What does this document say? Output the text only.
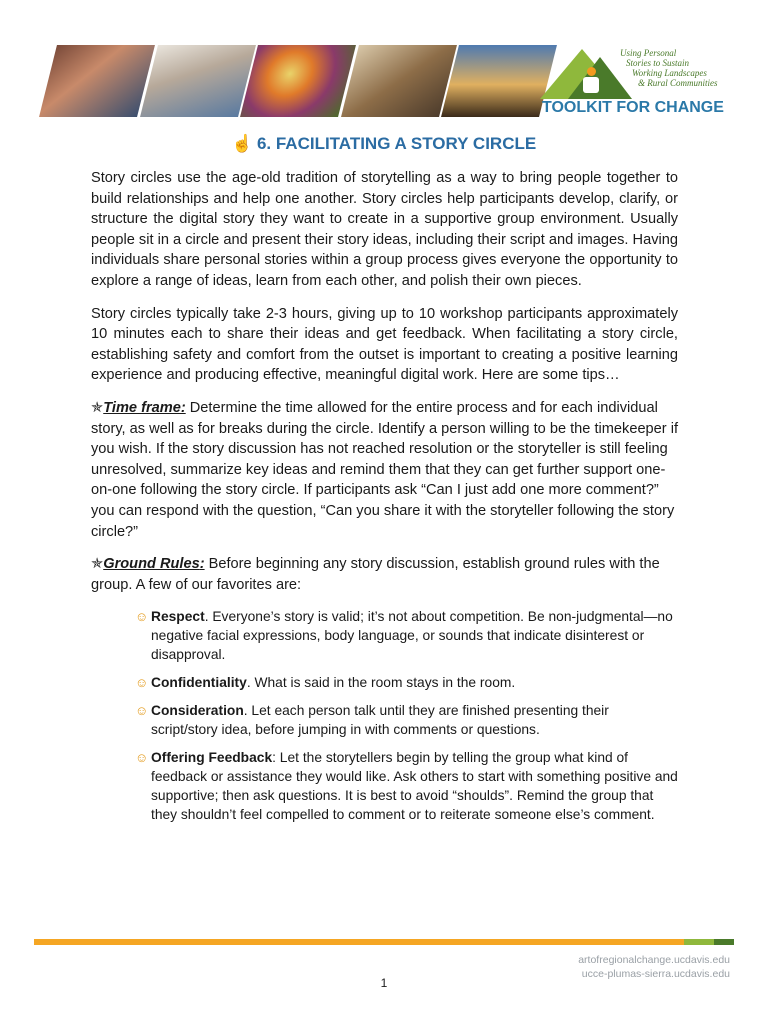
Using Personal
Stories to Sustain
Working Landscapes
& Rural Communities
TOOLKIT FOR CHANGE
☝ 6. FACILITATING A STORY CIRCLE

Story circles use the age-old tradition of storytelling as a way to bring people together to build relationships and help one another. Story circles help participants develop, clarify, or structure the digital story they want to create in a supportive group environment. Usually people sit in a circle and present their story ideas, including their script and images. Having individuals share personal stories within a group process gives everyone the opportunity to explore a range of ideas, learn from each other, and polish their own pieces.

Story circles typically take 2-3 hours, giving up to 10 workshop participants approximately 10 minutes each to share their ideas and get feedback. When facilitating a story circle, establishing safety and comfort from the outset is important to creating a positive learning experience and producing effective, meaningful digital work. Here are some tips…

✯Time frame: Determine the time allowed for the entire process and for each individual story, as well as for breaks during the circle. Identify a person willing to be the timekeeper if you wish. If the story discussion has not reached resolution or the storyteller is still feeling unresolved, summarize key ideas and remind them that they can get further support one-on-one following the story circle. If participants ask “Can I just add one more comment?” you can respond with the question, “Can you share it with the storyteller following the story circle?”

✯Ground Rules: Before beginning any story discussion, establish ground rules with the group. A few of our favorites are:

☺ Respect. Everyone’s story is valid; it’s not about competition. Be non-judgmental—no negative facial expressions, body language, or sounds that indicate disinterest or disapproval.
☺ Confidentiality. What is said in the room stays in the room.
☺ Consideration. Let each person talk until they are finished presenting their script/story idea, before jumping in with comments or questions.
☺ Offering Feedback: Let the storytellers begin by telling the group what kind of feedback or assistance they would like. Ask others to start with something positive and supportive; then ask questions. It is best to avoid “shoulds”. Remind the group that they shouldn’t feel compelled to comment or to reiterate someone else’s comment.
artofregionalchange.ucdavis.edu
ucce-plumas-sierra.ucdavis.edu
1
